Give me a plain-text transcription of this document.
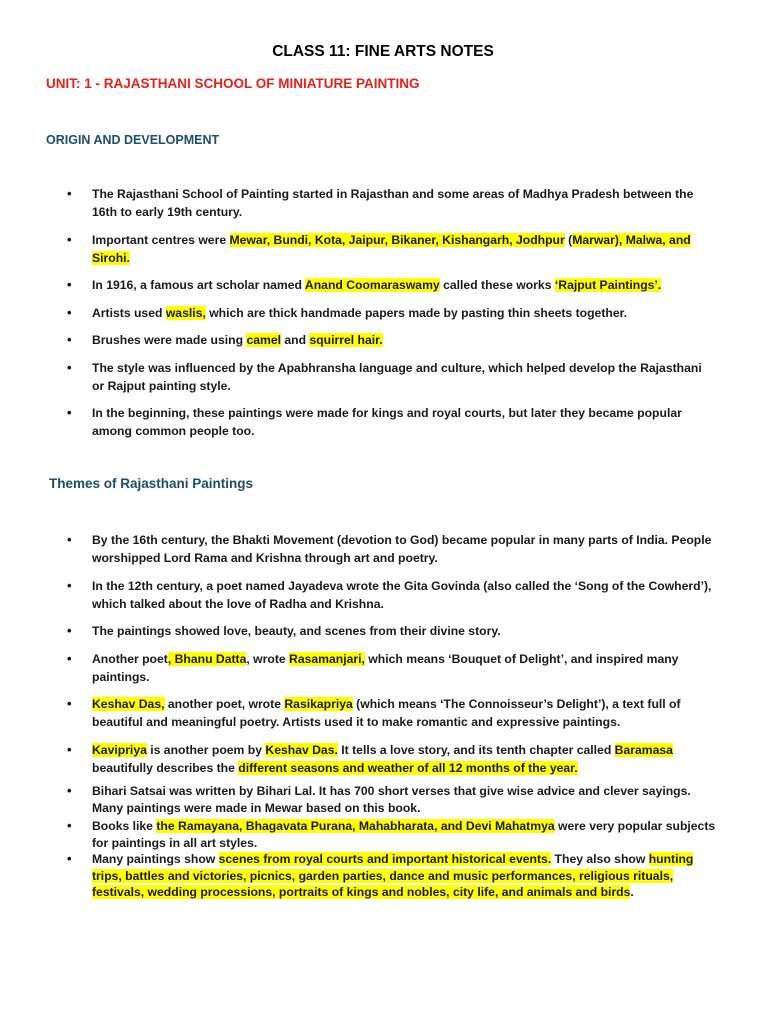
CLASS 11: FINE ARTS NOTES
UNIT: 1 - RAJASTHANI SCHOOL OF MINIATURE PAINTING
ORIGIN AND DEVELOPMENT
• The Rajasthani School of Painting started in Rajasthan and some areas of Madhya Pradesh between the 16th to early 19th century.
• Important centres were Mewar, Bundi, Kota, Jaipur, Bikaner, Kishangarh, Jodhpur (Marwar), Malwa, and Sirohi.
• In 1916, a famous art scholar named Anand Coomaraswamy called these works ‘Rajput Paintings’.
• Artists used waslis, which are thick handmade papers made by pasting thin sheets together.
• Brushes were made using camel and squirrel hair.
• The style was influenced by the Apabhransha language and culture, which helped develop the Rajasthani or Rajput painting style.
• In the beginning, these paintings were made for kings and royal courts, but later they became popular among common people too.
Themes of Rajasthani Paintings
• By the 16th century, the Bhakti Movement (devotion to God) became popular in many parts of India. People worshipped Lord Rama and Krishna through art and poetry.
• In the 12th century, a poet named Jayadeva wrote the Gita Govinda (also called the ‘Song of the Cowherd’), which talked about the love of Radha and Krishna.
• The paintings showed love, beauty, and scenes from their divine story.
• Another poet, Bhanu Datta, wrote Rasamanjari, which means ‘Bouquet of Delight’, and inspired many paintings.
• Keshav Das, another poet, wrote Rasikapriya (which means ‘The Connoisseur’s Delight’), a text full of beautiful and meaningful poetry. Artists used it to make romantic and expressive paintings.
• Kavipriya is another poem by Keshav Das. It tells a love story, and its tenth chapter called Baramasa beautifully describes the different seasons and weather of all 12 months of the year.
• Bihari Satsai was written by Bihari Lal. It has 700 short verses that give wise advice and clever sayings. Many paintings were made in Mewar based on this book.
• Books like the Ramayana, Bhagavata Purana, Mahabharata, and Devi Mahatmya were very popular subjects for paintings in all art styles.
• Many paintings show scenes from royal courts and important historical events. They also show hunting trips, battles and victories, picnics, garden parties, dance and music performances, religious rituals, festivals, wedding processions, portraits of kings and nobles, city life, and animals and birds.
